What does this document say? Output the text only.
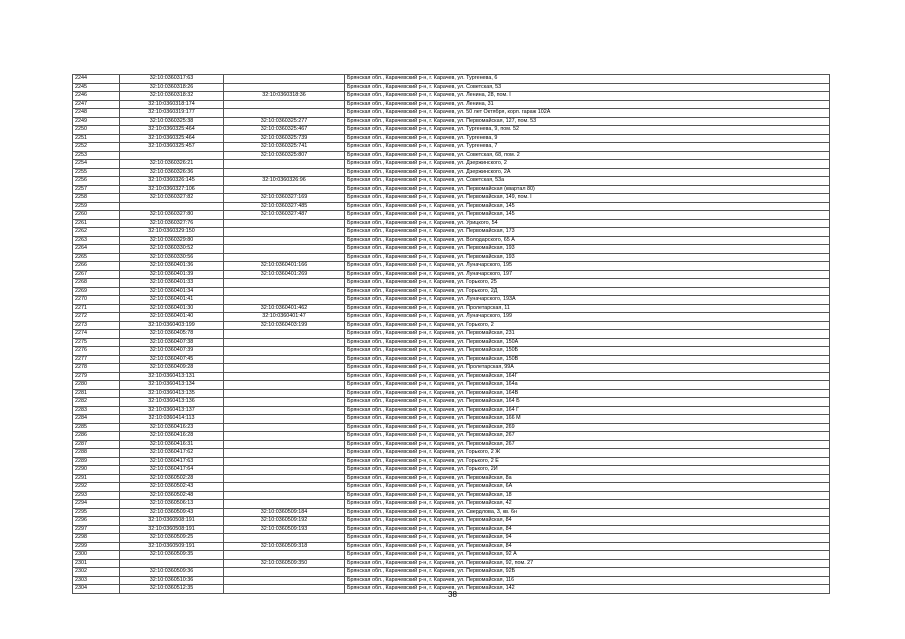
2244	32:10:0360317:63		Брянская обл., Карачевский р-н, г. Карачев, ул. Тургенева, 6
2245	32:10:0360318:26		Брянская обл., Карачевский р-н, г. Карачев, ул. Советская, 53
2246	32:10:0360318:32	32:10:0360318:36	Брянская обл., Карачевский р-н, г. Карачев, ул. Ленина, 28, пом. I
2247	32:10:0360318:174		Брянская обл., Карачевский р-н, г. Карачев, ул. Ленина, 31
2248	32:10:0360319:177		Брянская обл., Карачевский р-н, г. Карачев, ул. 50 лет Октября, корп. гараж 102А
2249	32:10:0360325:38	32:10:0360325:277	Брянская обл., Карачевский р-н, г. Карачев, ул. Первомайская, 127, пом. 53
2250	32:10:0360325:464	32:10:0360325:467	Брянская обл., Карачевский р-н, г. Карачев, ул. Тургенева, 9, пом. 52
2251	32:10:0360325:464	32:10:0360325:739	Брянская обл., Карачевский р-н, г. Карачев, ул. Тургенева, 9
2252	32:10:0360325:457	32:10:0360325:741	Брянская обл., Карачевский р-н, г. Карачев, ул. Тургенева, 7
2253		32:10:0360325:807	Брянская обл., Карачевский р-н, г. Карачев, ул. Советская, 68, пом. 2
2254	32:10:0360326:21		Брянская обл., Карачевский р-н, г. Карачев, ул. Дзержинского, 2
2255	32:10:0360326:36		Брянская обл., Карачевский р-н, г. Карачев, ул. Дзержинского, 2А
2256	32:10:0360326:145	32:10:0360326:96	Брянская обл., Карачевский р-н, г. Карачев, ул. Советская, 53а
2257	32:10:0360327:106		Брянская обл., Карачевский р-н, г. Карачев, ул. Первомайская (квартал 80)
2258	32:10:0360327:82	32:10:0360327:169	Брянская обл., Карачевский р-н, г. Карачев, ул. Первомайская, 149, пом. I
2259		32:10:0360327:485	Брянская обл., Карачевский р-н, г. Карачев, ул. Первомайская, 145
2260	32:10:0360327:80	32:10:0360327:487	Брянская обл., Карачевский р-н, г. Карачев, ул. Первомайская, 145
2261	32:10:0360327:76		Брянская обл., Карачевский р-н, г. Карачев, ул. Урицкого, 54
2262	32:10:0360329:150		Брянская обл., Карачевский р-н, г. Карачев, ул. Первомайская, 173
2263	32:10:0360329:80		Брянская обл., Карачевский р-н, г. Карачев, ул. Володарского, 65 А
2264	32:10:0360330:52		Брянская обл., Карачевский р-н, г. Карачев, ул. Первомайская, 193
2265	32:10:0360330:56		Брянская обл., Карачевский р-н, г. Карачев, ул. Первомайская, 193
2266	32:10:0360401:36	32:10:0360401:166	Брянская обл., Карачевский р-н, г. Карачев, ул. Луначарского, 195
2267	32:10:0360401:39	32:10:0360401:269	Брянская обл., Карачевский р-н, г. Карачев, ул. Луначарского, 197
2268	32:10:0360401:33		Брянская обл., Карачевский р-н, г. Карачев, ул. Горького, 25
2269	32:10:0360401:34		Брянская обл., Карачевский р-н, г. Карачев, ул. Горького, 2Д
2270	32:10:0360401:41		Брянская обл., Карачевский р-н, г. Карачев, ул. Луначарского, 193А
2271	32:10:0360401:30	32:10:0360401:462	Брянская обл., Карачевский р-н, г. Карачев, ул. Пролетарская, 11
2272	32:10:0360401:40	32:10:0360401:47	Брянская обл., Карачевский р-н, г. Карачев, ул. Луначарского, 199
2273	32:10:0360403:199	32:10:0360403:199	Брянская обл., Карачевский р-н, г. Карачев, ул. Горького, 2
2274	32:10:0360405:78		Брянская обл., Карачевский р-н, г. Карачев, ул. Первомайская, 231
2275	32:10:0360407:38		Брянская обл., Карачевский р-н, г. Карачев, ул. Первомайская, 150А
2276	32:10:0360407:39		Брянская обл., Карачевский р-н, г. Карачев, ул. Первомайская, 150Б
2277	32:10:0360407:45		Брянская обл., Карачевский р-н, г. Карачев, ул. Первомайская, 150В
2278	32:10:0360409:28		Брянская обл., Карачевский р-н, г. Карачев, ул. Пролетарская, 99А
2279	32:10:0360413:131		Брянская обл., Карачевский р-н, г. Карачев, ул. Первомайская, 164Г
2280	32:10:0360413:134		Брянская обл., Карачевский р-н, г. Карачев, ул. Первомайская, 164а
2281	32:10:0360413:135		Брянская обл., Карачевский р-н, г. Карачев, ул. Первомайская, 164В
2282	32:10:0360413:136		Брянская обл., Карачевский р-н, г. Карачев, ул. Первомайская, 164 Б
2283	32:10:0360413:137		Брянская обл., Карачевский р-н, г. Карачев, ул. Первомайская, 164 Г
2284	32:10:0360414:113		Брянская обл., Карачевский р-н, г. Карачев, ул. Первомайская, 166 М
2285	32:10:0360416:23		Брянская обл., Карачевский р-н, г. Карачев, ул. Первомайская, 269
2286	32:10:0360416:28		Брянская обл., Карачевский р-н, г. Карачев, ул. Первомайская, 267
2287	32:10:0360416:31		Брянская обл., Карачевский р-н, г. Карачев, ул. Первомайская, 267
2288	32:10:0360417:62		Брянская обл., Карачевский р-н, г. Карачев, ул. Горького, 2 Ж
2289	32:10:0360417:63		Брянская обл., Карачевский р-н, г. Карачев, ул. Горького, 2 Е
2290	32:10:0360417:64		Брянская обл., Карачевский р-н, г. Карачев, ул. Горького, 2И
2291	32:10:0360502:28		Брянская обл., Карачевский р-н, г. Карачев, ул. Первомайская, 8а
2292	32:10:0360502:43		Брянская обл., Карачевский р-н, г. Карачев, ул. Первомайская, 6А
2293	32:10:0360502:48		Брянская обл., Карачевский р-н, г. Карачев, ул. Первомайская, 18
2294	32:10:0360506:13		Брянская обл., Карачевский р-н, г. Карачев, ул. Первомайская, 42
2295	32:10:0360509:43	32:10:0360509:184	Брянская обл., Карачевский р-н, г. Карачев, ул. Свердлова, 3, кв. 6н
2296	32:10:0360508:191	32:10:0360509:192	Брянская обл., Карачевский р-н, г. Карачев, ул. Первомайская, 84
2297	32:10:0360508:191	32:10:0360509:193	Брянская обл., Карачевский р-н, г. Карачев, ул. Первомайская, 84
2298	32:10:0360509:25		Брянская обл., Карачевский р-н, г. Карачев, ул. Первомайская, 94
2299	32:10:0360509:191	32:10:0360509:318	Брянская обл., Карачевский р-н, г. Карачев, ул. Первомайская, 84
2300	32:10:0360509:35		Брянская обл., Карачевский р-н, г. Карачев, ул. Первомайская, 92 А
2301		32:10:0360509:350	Брянская обл., Карачевский р-н, г. Карачев, ул. Первомайская, 92, пом. 27
2302	32:10:0360509:36		Брянская обл., Карачевский р-н, г. Карачев, ул. Первомайская, 92Б
2303	32:10:0360510:36		Брянская обл., Карачевский р-н, г. Карачев, ул. Первомайская, 116
2304	32:10:0360512:35		Брянская обл., Карачевский р-н, г. Карачев, ул. Первомайская, 142
38
